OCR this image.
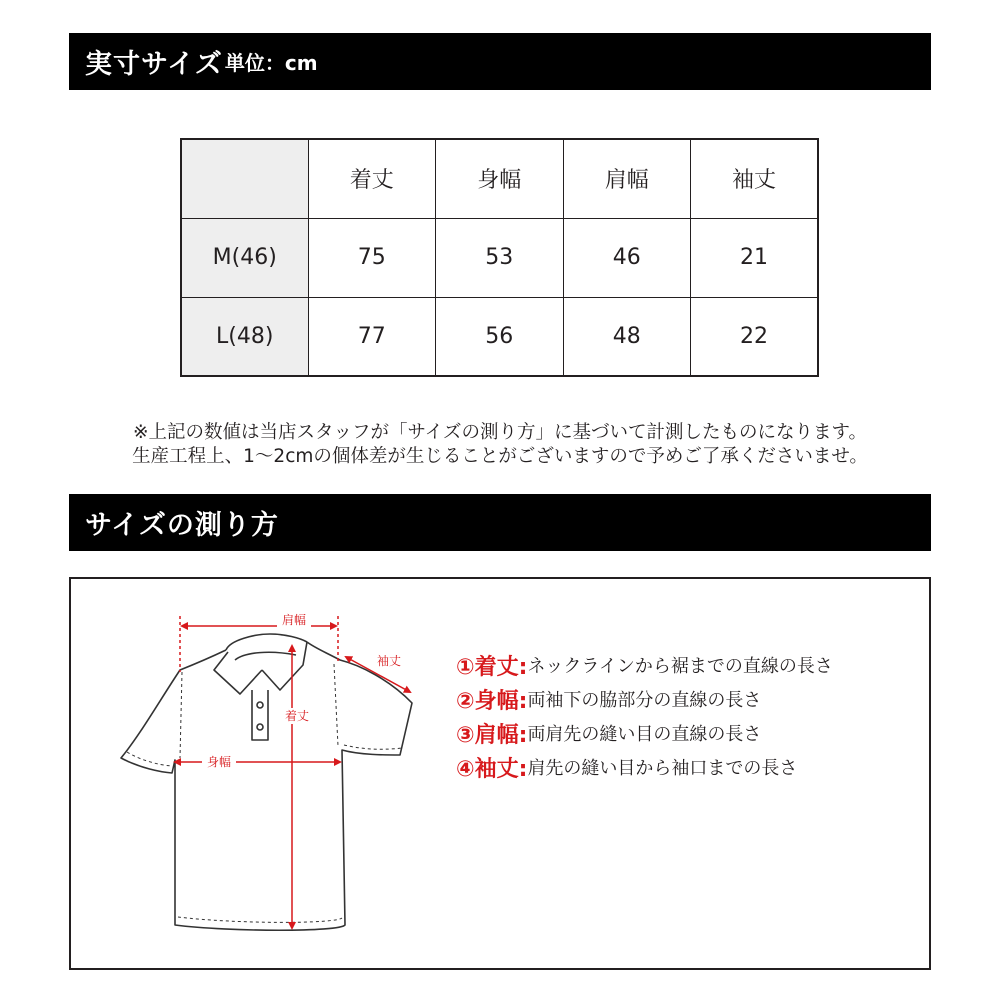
実寸サイズ 単位：cm
	着丈	身幅	肩幅	袖丈
M(46)	75	53	46	21
L(48)	77	56	48	22
※上記の数値は当店スタッフが「サイズの測り方」に基づいて計測したものになります。
生産工程上、1～2cmの個体差が生じることがございますので予めご了承くださいませ。
サイズの測り方
肩幅
袖丈
着丈
身幅
①着丈: ネックラインから裾までの直線の長さ
②身幅: 両袖下の脇部分の直線の長さ
③肩幅: 両肩先の縫い目の直線の長さ
④袖丈: 肩先の縫い目から袖口までの長さ
